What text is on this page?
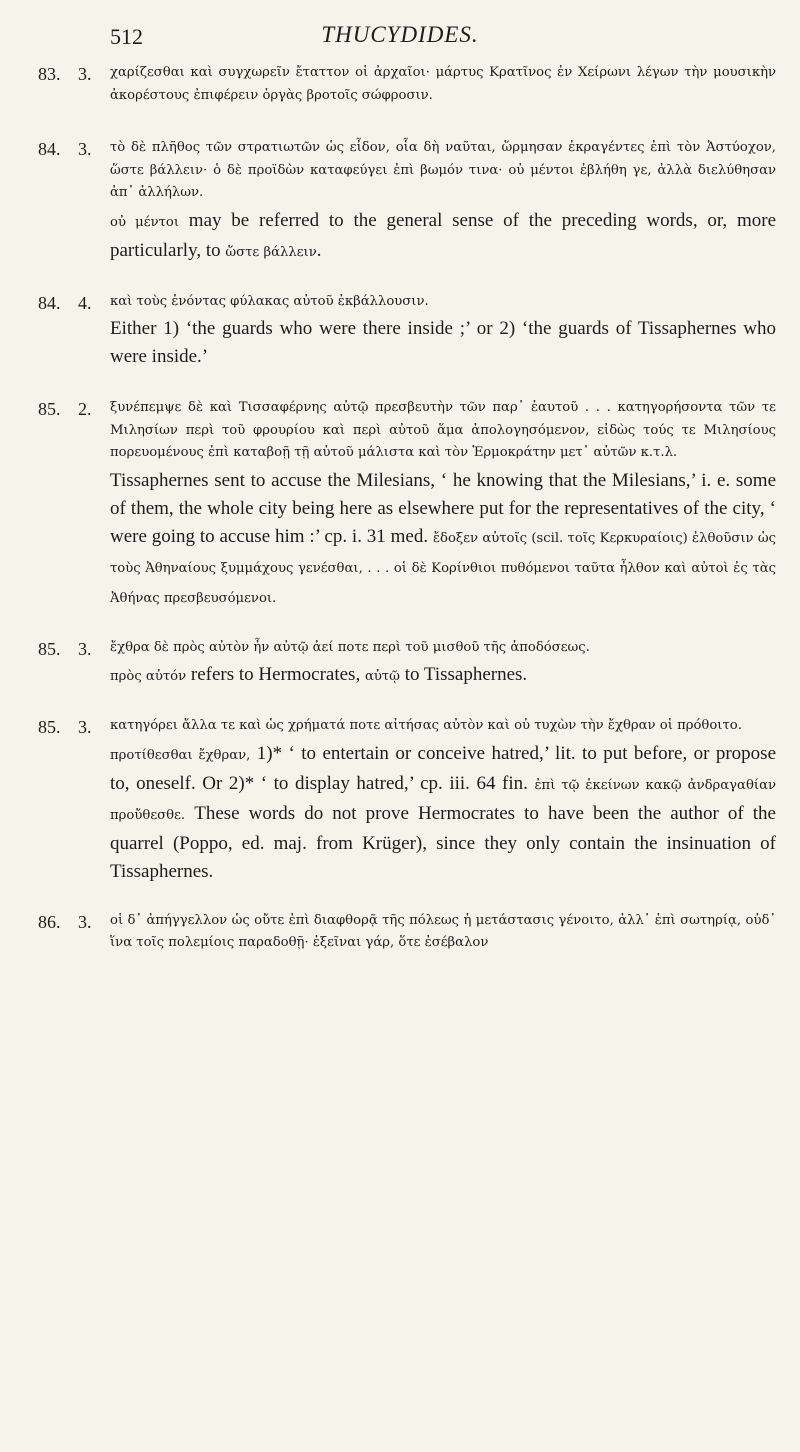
512	THUCYDIDES.
83. 3. χαρίζεσθαι καὶ συγχωρεῖν ἔταττον οἱ ἀρχαῖοι· μάρτυς Κρατῖνος ἐν Χείρωνι λέγων τὴν μουσικὴν ἀκορέστους ἐπιφέρειν ὀργὰς βροτοῖς σώφροσιν.

84. 3. τὸ δὲ πλῆθος τῶν στρατιωτῶν ὡς εἶδον, οἷα δὴ ναῦται, ὥρμησαν ἐκραγέντες ἐπὶ τὸν Ἀστύοχον, ὥστε βάλλειν· ὁ δὲ προϊδὼν καταφεύγει ἐπὶ βωμόν τινα· οὐ μέντοι ἐβλήθη γε, ἀλλὰ διελύθησαν ἀπ᾽ ἀλλήλων.

οὐ μέντοι may be referred to the general sense of the preceding words, or, more particularly, to ὥστε βάλλειν.

84. 4. καὶ τοὺς ἐνόντας φύλακας αὐτοῦ ἐκβάλλουσιν.

Either 1) ‘the guards who were there inside ;’ or 2) ‘the guards of Tissaphernes who were inside.’

85. 2. ξυνέπεμψε δὲ καὶ Τισσαφέρνης αὐτῷ πρεσβευτὴν τῶν παρ᾽ ἑαυτοῦ . . . κατηγορήσοντα τῶν τε Μιλησίων περὶ τοῦ φρουρίου καὶ περὶ αὐτοῦ ἅμα ἀπολογησόμενον, εἰδὼς τούς τε Μιλησίους πορευομένους ἐπὶ καταβοῇ τῇ αὐτοῦ μάλιστα καὶ τὸν Ἑρμοκράτην μετ᾽ αὐτῶν κ.τ.λ.

Tissaphernes sent to accuse the Milesians, ‘ he knowing that the Milesians,’ i. e. some of them, the whole city being here as elsewhere put for the representatives of the city, ‘ were going to accuse him :’ cp. i. 31 med. ἔδοξεν αὐτοῖς (scil. τοῖς Κερκυραίοις) ἐλθοῦσιν ὡς τοὺς Ἀθηναίους ξυμμάχους γενέσθαι, . . . οἱ δὲ Κορίνθιοι πυθόμενοι ταῦτα ἦλθον καὶ αὐτοὶ ἐς τὰς Ἀθήνας πρεσβευσόμενοι.

85. 3. ἔχθρα δὲ πρὸς αὐτὸν ἦν αὐτῷ ἀεί ποτε περὶ τοῦ μισθοῦ τῆς ἀποδόσεως.

πρὸς αὐτόν refers to Hermocrates, αὐτῷ to Tissaphernes.

85. 3. κατηγόρει ἄλλα τε καὶ ὡς χρήματά ποτε αἰτήσας αὐτὸν καὶ οὐ τυχὼν τὴν ἔχθραν οἱ πρόθοιτο.

προτίθεσθαι ἔχθραν, 1)* ‘ to entertain or conceive hatred,’ lit. to put before, or propose to, oneself. Or 2)* ‘ to display hatred,’ cp. iii. 64 fin. ἐπὶ τῷ ἐκείνων κακῷ ἀνδραγαθίαν προὔθεσθε. These words do not prove Hermocrates to have been the author of the quarrel (Poppo, ed. maj. from Krüger), since they only contain the insinuation of Tissaphernes.

86. 3. οἱ δ᾽ ἀπήγγελλον ὡς οὔτε ἐπὶ διαφθορᾷ τῆς πόλεως ἡ μετάστασις γένοιτο, ἀλλ᾽ ἐπὶ σωτηρίᾳ, οὐδ᾽ ἵνα τοῖς πολεμίοις παραδοθῇ· ἐξεῖναι γάρ, ὅτε ἐσέβαλον
